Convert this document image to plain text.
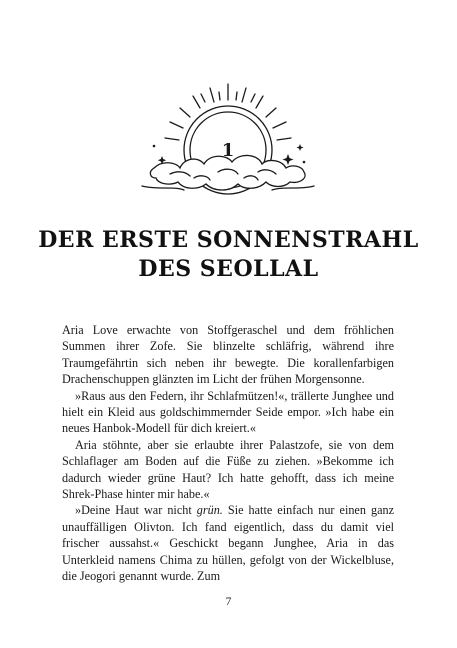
1
DER ERSTE SONNENSTRAHL
DES SEOLLAL

Aria Love erwachte von Stoffgeraschel und dem fröhlichen Summen ihrer Zofe. Sie blinzelte schläfrig, während ihre Traumgefährtin sich neben ihr bewegte. Die korallenfarbigen Drachenschuppen glänzten im Licht der frühen Morgensonne.

»Raus aus den Federn, ihr Schlafmützen!«, trällerte Junghee und hielt ein Kleid aus goldschimmernder Seide empor. »Ich habe ein neues Hanbok-Modell für dich kreiert.«

Aria stöhnte, aber sie erlaubte ihrer Palastzofe, sie von dem Schlaflager am Boden auf die Füße zu ziehen. »Bekomme ich dadurch wieder grüne Haut? Ich hatte gehofft, dass ich meine Shrek-Phase hinter mir habe.«

»Deine Haut war nicht grün. Sie hatte einfach nur einen ganz unauffälligen Olivton. Ich fand eigentlich, dass du damit viel frischer aussahst.« Geschickt begann Junghee, Aria in das Unterkleid namens Chima zu hüllen, gefolgt von der Wickelbluse, die Jeogori genannt wurde. Zum

7
